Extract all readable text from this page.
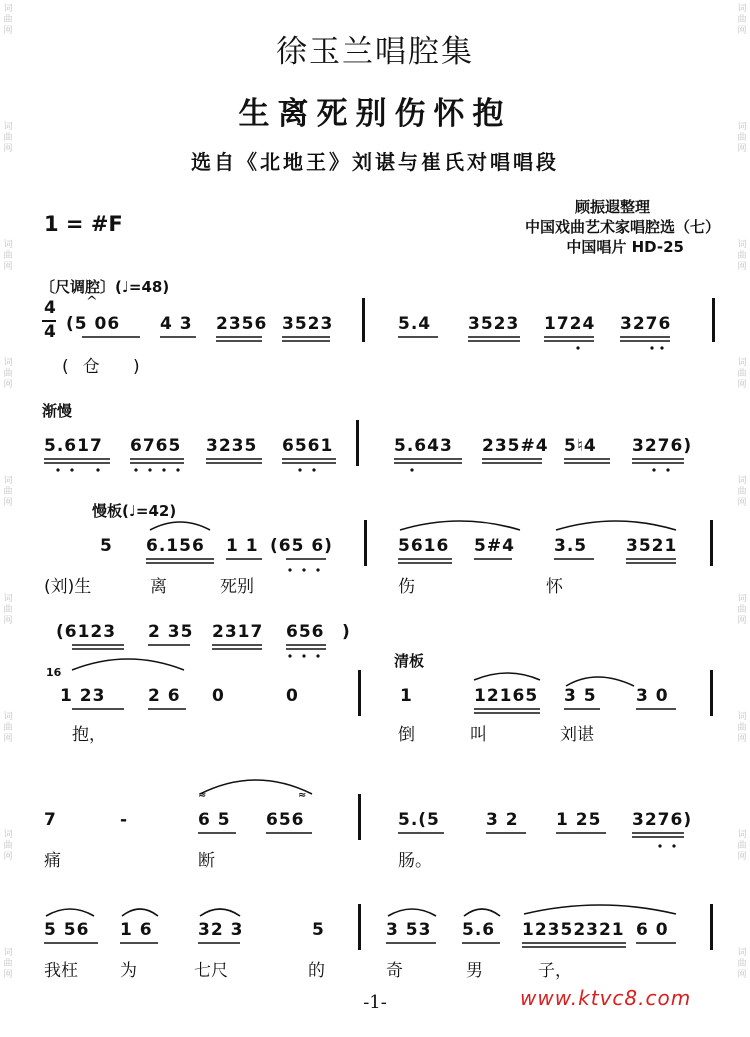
词
曲
网
词
曲
网
词
曲
网
词
曲
网
词
曲
网
词
曲
网
词
曲
网
词
曲
网
词
曲
网
词
曲
网
词
曲
网
词
曲
网
词
曲
网
词
曲
网
词
曲
网
词
曲
网
词
曲
网
词
曲
网
徐玉兰唱腔集
生离死别伤怀抱
选自《北地王》刘谌与崔氏对唱唱段
1 = #F
顾振遐整理
中国戏曲艺术家唱腔选（七）
中国唱片 HD-25
〔尺调腔〕(♩=48)
4
4
^
(5 06 4 3 2356 3523	5.4 3523 1724 3276
(仓 )
渐慢
5.617 6765 3235 6561	5.643 235#4 5♮4 3276)
慢板(♩=42)
5 6.156 1 1 (65 6)	5616 5#4 3.5 3521
(刘)生	离	死别	伤	怀
(6123 2 35 2317 656 )
16
清板
1 23	2 6 0	0	1	12165 3 5 3 0
抱，	倒	叫	刘谌
≈	≈
7	-	6 5 656	5.(5	3 2 1 25 3276)
痛	断	肠。
5 56 1 6	32 3	5	3 53 5.6 12352321 6 0
我枉 为	七尺	的	奇	男	子，
-1-	www.ktvc8.com
